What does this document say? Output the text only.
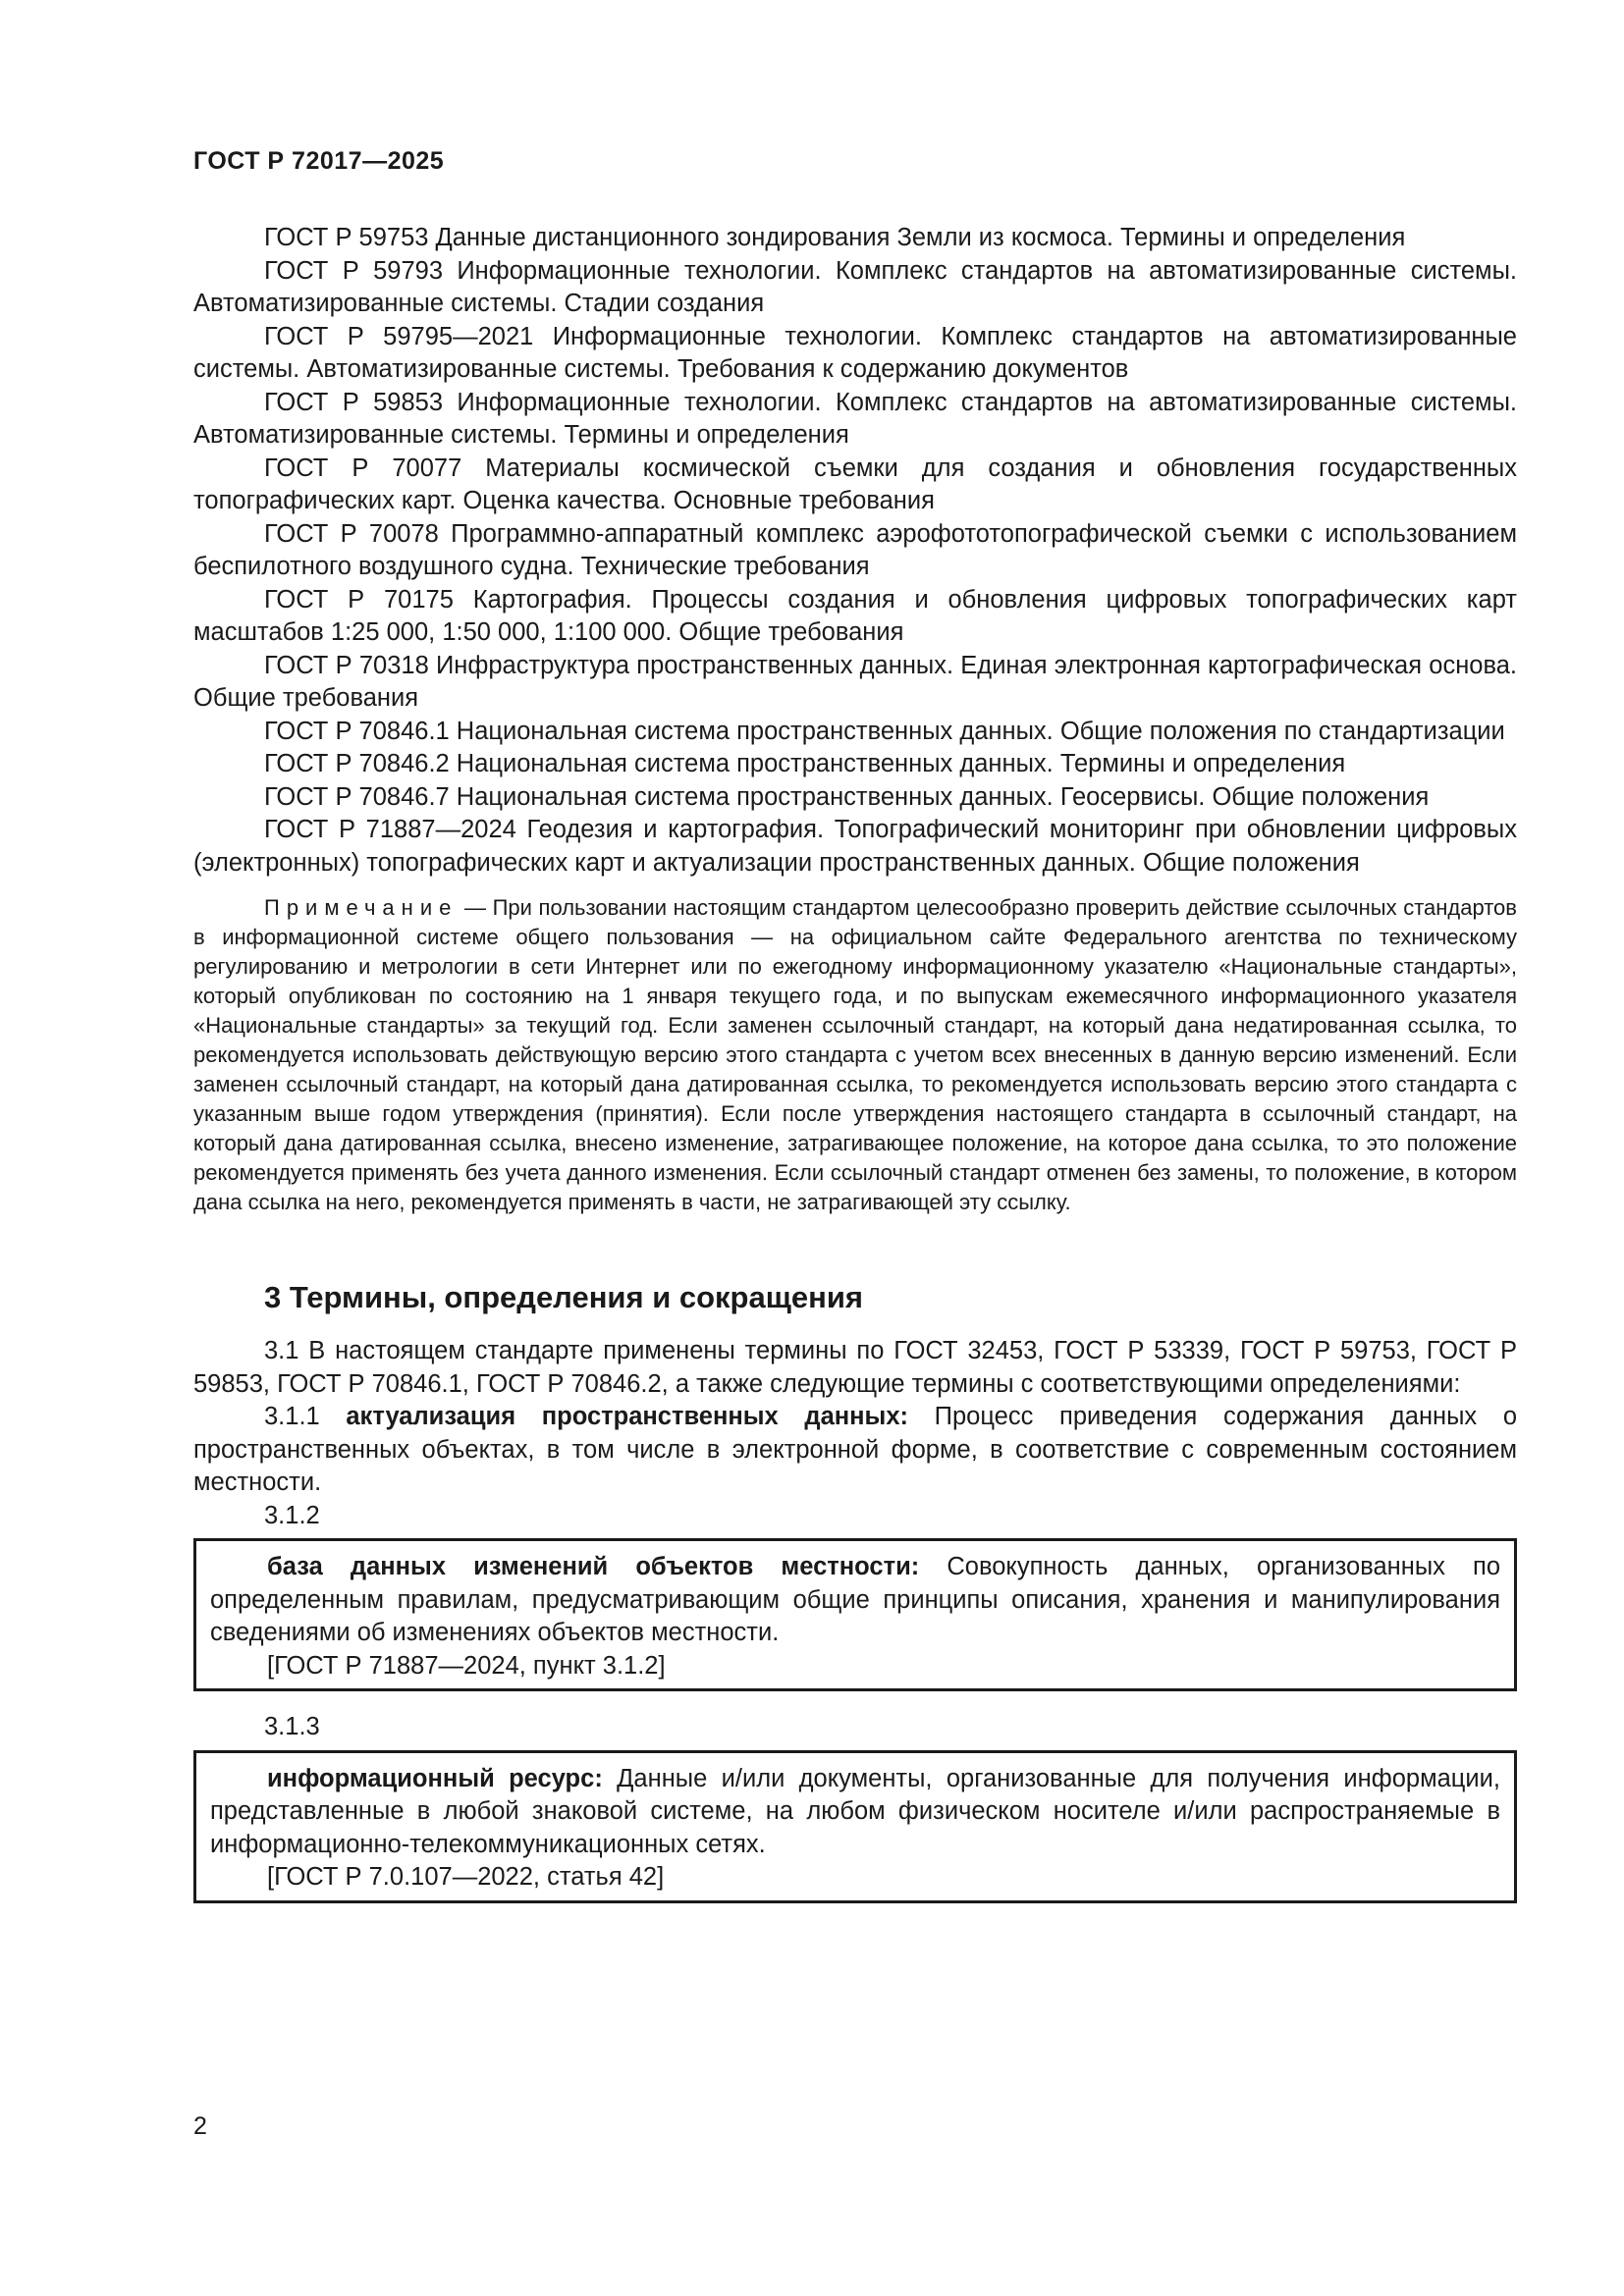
ГОСТ Р 72017—2025

ГОСТ Р 59753 Данные дистанционного зондирования Земли из космоса. Термины и определения

ГОСТ Р 59793 Информационные технологии. Комплекс стандартов на автоматизированные системы. Автоматизированные системы. Стадии создания

ГОСТ Р 59795—2021 Информационные технологии. Комплекс стандартов на автоматизированные системы. Автоматизированные системы. Требования к содержанию документов

ГОСТ Р 59853 Информационные технологии. Комплекс стандартов на автоматизированные системы. Автоматизированные системы. Термины и определения

ГОСТ Р 70077 Материалы космической съемки для создания и обновления государственных топографических карт. Оценка качества. Основные требования

ГОСТ Р 70078 Программно-аппаратный комплекс аэрофототопографической съемки с использованием беспилотного воздушного судна. Технические требования

ГОСТ Р 70175 Картография. Процессы создания и обновления цифровых топографических карт масштабов 1:25 000, 1:50 000, 1:100 000. Общие требования

ГОСТ Р 70318 Инфраструктура пространственных данных. Единая электронная картографическая основа. Общие требования

ГОСТ Р 70846.1 Национальная система пространственных данных. Общие положения по стандартизации

ГОСТ Р 70846.2 Национальная система пространственных данных. Термины и определения

ГОСТ Р 70846.7 Национальная система пространственных данных. Геосервисы. Общие положения

ГОСТ Р 71887—2024 Геодезия и картография. Топографический мониторинг при обновлении цифровых (электронных) топографических карт и актуализации пространственных данных. Общие положения

Примечание — При пользовании настоящим стандартом целесообразно проверить действие ссылочных стандартов в информационной системе общего пользования — на официальном сайте Федерального агентства по техническому регулированию и метрологии в сети Интернет или по ежегодному информационному указателю «Национальные стандарты», который опубликован по состоянию на 1 января текущего года, и по выпускам ежемесячного информационного указателя «Национальные стандарты» за текущий год. Если заменен ссылочный стандарт, на который дана недатированная ссылка, то рекомендуется использовать действующую версию этого стандарта с учетом всех внесенных в данную версию изменений. Если заменен ссылочный стандарт, на который дана датированная ссылка, то рекомендуется использовать версию этого стандарта с указанным выше годом утверждения (принятия). Если после утверждения настоящего стандарта в ссылочный стандарт, на который дана датированная ссылка, внесено изменение, затрагивающее положение, на которое дана ссылка, то это положение рекомендуется применять без учета данного изменения. Если ссылочный стандарт отменен без замены, то положение, в котором дана ссылка на него, рекомендуется применять в части, не затрагивающей эту ссылку.
3 Термины, определения и сокращения

3.1 В настоящем стандарте применены термины по ГОСТ 32453, ГОСТ Р 53339, ГОСТ Р 59753, ГОСТ Р 59853, ГОСТ Р 70846.1, ГОСТ Р 70846.2, а также следующие термины с соответствующими определениями:

3.1.1 актуализация пространственных данных: Процесс приведения содержания данных о пространственных объектах, в том числе в электронной форме, в соответствие с современным состоянием местности.

3.1.2

база данных изменений объектов местности: Совокупность данных, организованных по определенным правилам, предусматривающим общие принципы описания, хранения и манипулирования сведениями об изменениях объектов местности.

[ГОСТ Р 71887—2024, пункт 3.1.2]

3.1.3

информационный ресурс: Данные и/или документы, организованные для получения информации, представленные в любой знаковой системе, на любом физическом носителе и/или распространяемые в информационно-телекоммуникационных сетях.

[ГОСТ Р 7.0.107—2022, статья 42]

2
